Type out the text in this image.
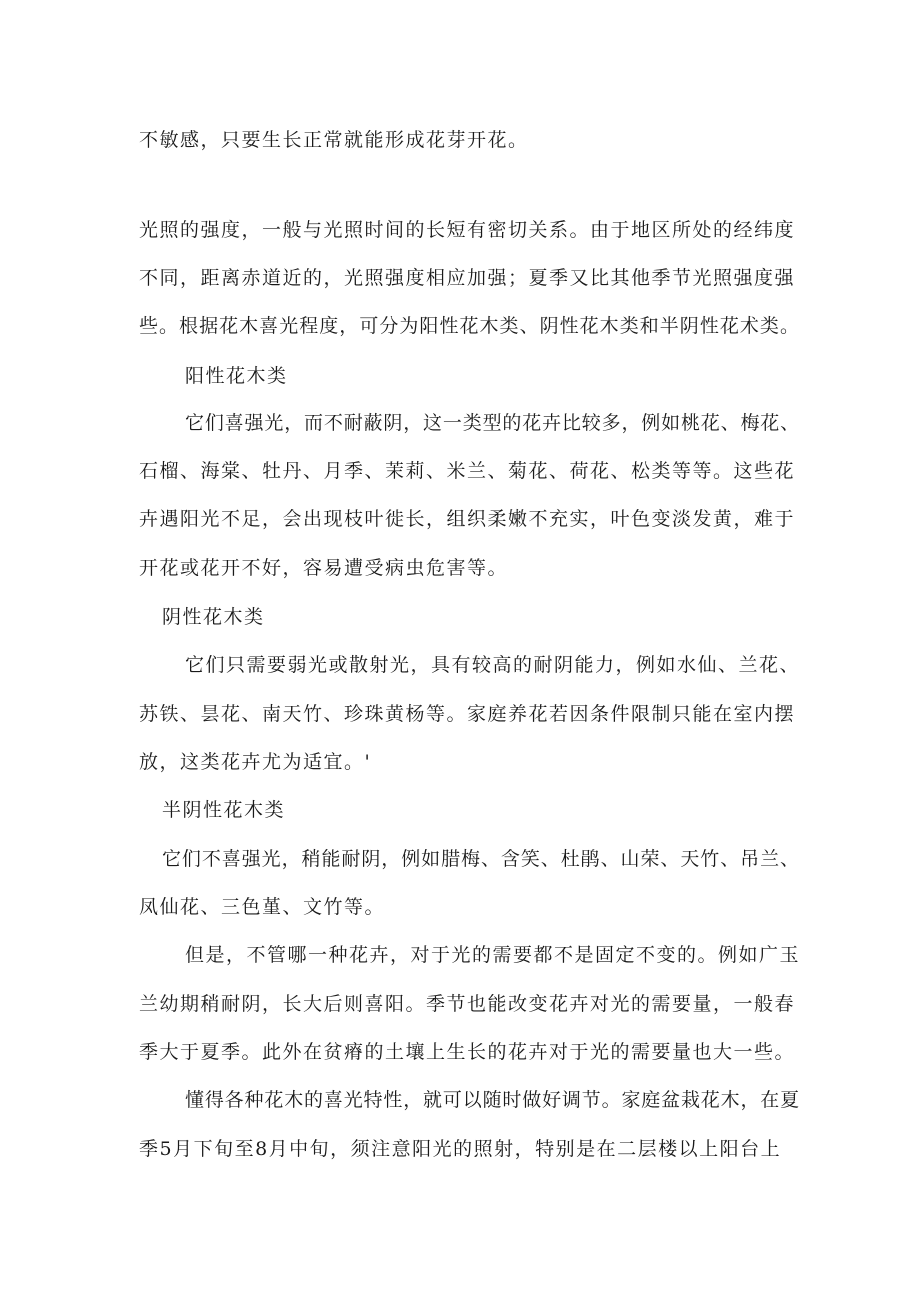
不敏感，只要生长正常就能形成花芽开花。
光照的强度，一般与光照时间的长短有密切关系。由于地区所处的经纬度
不同，距离赤道近的，光照强度相应加强；夏季又比其他季节光照强度强
些。根据花木喜光程度，可分为阳性花木类、阴性花木类和半阴性花术类。
阳性花木类
它们喜强光，而不耐蔽阴，这一类型的花卉比较多，例如桃花、梅花、
石榴、海棠、牡丹、月季、茉莉、米兰、菊花、荷花、松类等等。这些花
卉遇阳光不足，会出现枝叶徙长，组织柔嫩不充实，叶色变淡发黄，难于
开花或花开不好，容易遭受病虫危害等。
阴性花木类
它们只需要弱光或散射光，具有较高的耐阴能力，例如水仙、兰花、
苏铁、昙花、南天竹、珍珠黄杨等。家庭养花若因条件限制只能在室内摆
放，这类花卉尤为适宜。'
半阴性花木类
它们不喜强光，稍能耐阴，例如腊梅、含笑、杜鹃、山荣、天竹、吊兰、
凤仙花、三色堇、文竹等。
但是，不管哪一种花卉，对于光的需要都不是固定不变的。例如广玉
兰幼期稍耐阴，长大后则喜阳。季节也能改变花卉对光的需要量，一般春
季大于夏季。此外在贫瘠的土壤上生长的花卉对于光的需要量也大一些。
懂得各种花木的喜光特性，就可以随时做好调节。家庭盆栽花木，在夏
季5月下旬至8月中旬，须注意阳光的照射，特别是在二层楼以上阳台上
